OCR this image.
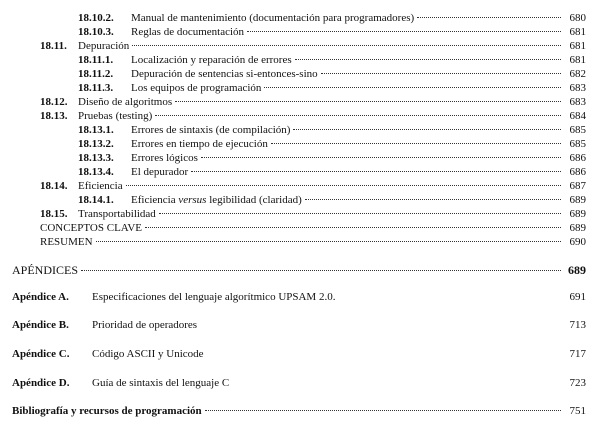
18.10.2.	Manual de mantenimiento (documentación para programadores)	680
18.10.3.	Reglas de documentación	681
18.11.	Depuración	681
18.11.1.	Localización y reparación de errores	681
18.11.2.	Depuración de sentencias si-entonces-sino	682
18.11.3.	Los equipos de programación	683
18.12. Diseño de algoritmos	683
18.13. Pruebas (testing)	684
18.13.1.	Errores de sintaxis (de compilación)	685
18.13.2.	Errores en tiempo de ejecución	685
18.13.3.	Errores lógicos	686
18.13.4.	El depurador	686
18.14. Eficiencia	687
18.14.1.	Eficiencia versus legibilidad (claridad)	689
18.15. Transportabilidad	689
CONCEPTOS CLAVE	689
RESUMEN	690
APÉNDICES	689
Apéndice A.	Especificaciones del lenguaje algorítmico UPSAM 2.0.	691
Apéndice B.	Prioridad de operadores	713
Apéndice C.	Código ASCII y Unicode	717
Apéndice D.	Guía de sintaxis del lenguaje C	723
Bibliografía y recursos de programación	751
